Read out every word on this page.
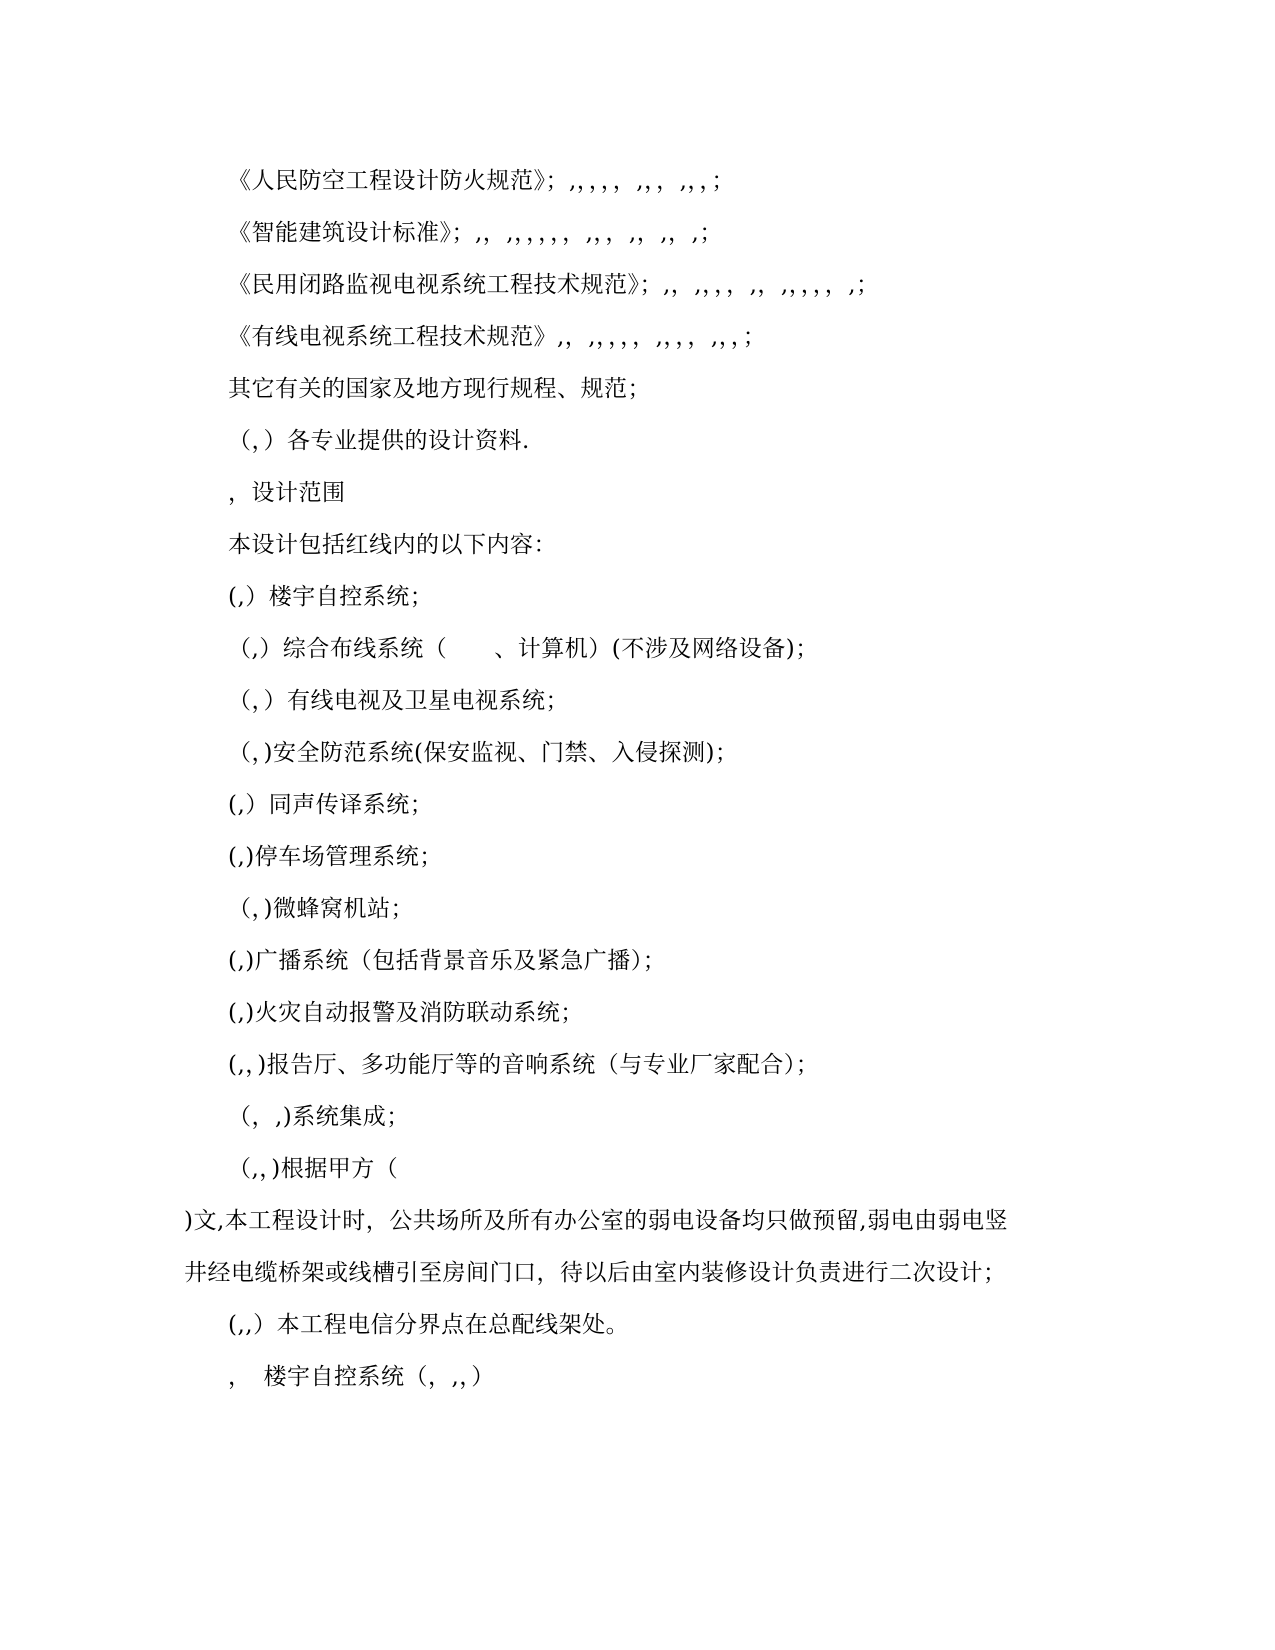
《人民防空工程设计防火规范》；,，，，，,，，,，，；
《智能建筑设计标准》；,，,，，，，，,，，,，,，,；
《民用闭路监视电视系统工程技术规范》；,，,，，，,，,，，，，,；
《有线电视系统工程技术规范》,，,，，，，,，，，,，，；
其它有关的国家及地方现行规程、规范；
（，）各专业提供的设计资料.
，设计范围
本设计包括红线内的以下内容：
(,）楼宇自控系统；
（,）综合布线系统（　　、计算机）(不涉及网络设备)；
（，）有线电视及卫星电视系统；
（，)安全防范系统(保安监视、门禁、入侵探测)；
(,）同声传译系统；
(,)停车场管理系统；
（，)微蜂窝机站；
(,)广播系统（包括背景音乐及紧急广播）；
(,)火灾自动报警及消防联动系统；
(,，)报告厅、多功能厅等的音响系统（与专业厂家配合）；
（，,)系统集成；
（,，)根据甲方（
)文,本工程设计时，公共场所及所有办公室的弱电设备均只做预留,弱电由弱电竖
井经电缆桥架或线槽引至房间门口，待以后由室内装修设计负责进行二次设计；
(,,）本工程电信分界点在总配线架处。
，　楼宇自控系统（，,，）
